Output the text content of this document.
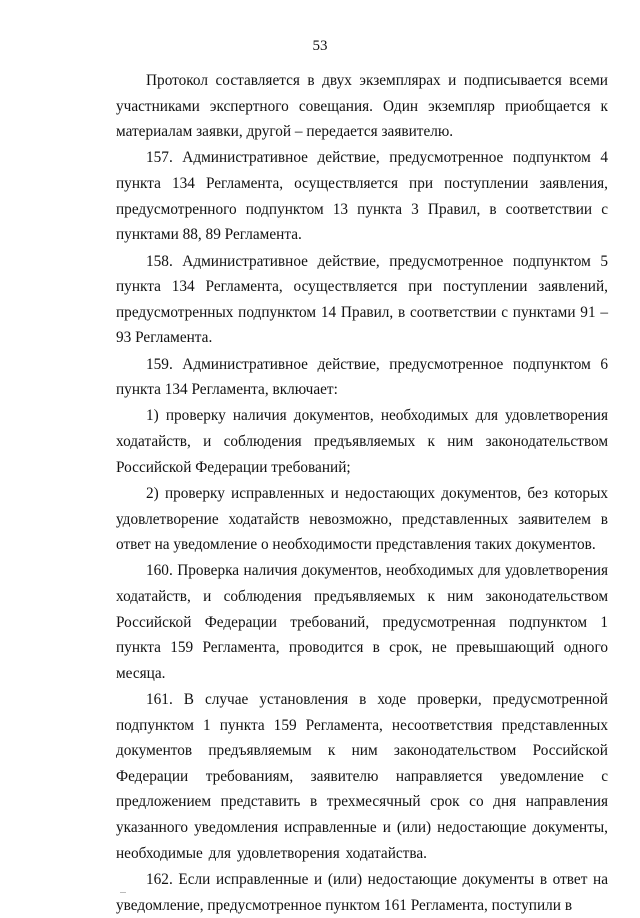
53

Протокол составляется в двух экземплярах и подписывается всеми участниками экспертного совещания. Один экземпляр приобщается к материалам заявки, другой – передается заявителю.

157. Административное действие, предусмотренное подпунктом 4 пункта 134 Регламента, осуществляется при поступлении заявления, предусмотренного подпунктом 13 пункта 3 Правил, в соответствии с пунктами 88, 89 Регламента.

158. Административное действие, предусмотренное подпунктом 5 пункта 134 Регламента, осуществляется при поступлении заявлений, предусмотренных подпунктом 14 Правил, в соответствии с пунктами 91 – 93 Регламента.

159. Административное действие, предусмотренное подпунктом 6 пункта 134 Регламента, включает:

1) проверку наличия документов, необходимых для удовлетворения ходатайств, и соблюдения предъявляемых к ним законодательством Российской Федерации требований;

2) проверку исправленных и недостающих документов, без которых удовлетворение ходатайств невозможно, представленных заявителем в ответ на уведомление о необходимости представления таких документов.

160. Проверка наличия документов, необходимых для удовлетворения ходатайств, и соблюдения предъявляемых к ним законодательством Российской Федерации требований, предусмотренная подпунктом 1 пункта 159 Регламента, проводится в срок, не превышающий одного месяца.

161. В случае установления в ходе проверки, предусмотренной подпунктом 1 пункта 159 Регламента, несоответствия представленных документов предъявляемым к ним законодательством Российской Федерации требованиям, заявителю направляется уведомление с предложением представить в трехмесячный срок со дня направления указанного уведомления исправленные и (или) недостающие документы, необходимые для удовлетворения ходатайства.

162. Если исправленные и (или) недостающие документы в ответ на уведомление, предусмотренное пунктом 161 Регламента, поступили в
